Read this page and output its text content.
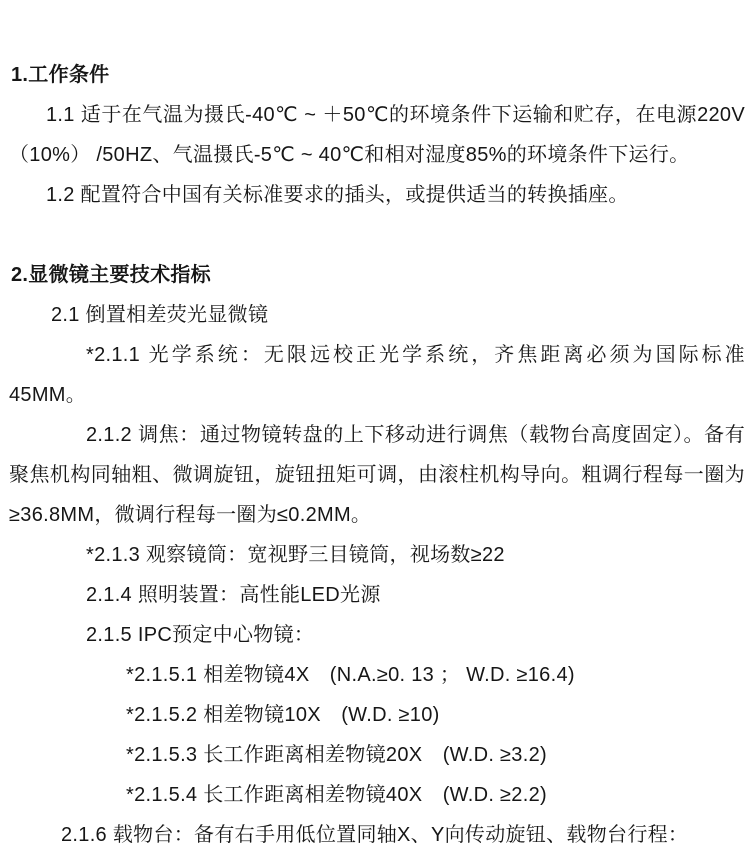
1.工作条件

1.1 适于在气温为摄氏-40℃ ~ ＋50℃的环境条件下运输和贮存，在电源220V（10%） /50HZ、气温摄氏-5℃ ~ 40℃和相对湿度85%的环境条件下运行。

1.2 配置符合中国有关标准要求的插头，或提供适当的转换插座。

2.显微镜主要技术指标

2.1 倒置相差荧光显微镜

*2.1.1 光学系统：无限远校正光学系统，齐焦距离必须为国际标准45MM。

2.1.2 调焦：通过物镜转盘的上下移动进行调焦（载物台高度固定）。备有聚焦机构同轴粗、微调旋钮，旋钮扭矩可调，由滚柱机构导向。粗调行程每一圈为≥36.8MM，微调行程每一圈为≤0.2MM。

*2.1.3 观察镜筒：宽视野三目镜筒，视场数≥22

2.1.4 照明装置：高性能LED光源

2.1.5 IPC预定中心物镜：

*2.1.5.1 相差物镜4X　(N.A.≥0. 13 ； W.D. ≥16.4)

*2.1.5.2 相差物镜10X　(W.D. ≥10)

*2.1.5.3 长工作距离相差物镜20X　(W.D. ≥3.2)

*2.1.5.4 长工作距离相差物镜40X　(W.D. ≥2.2)

2.1.6 载物台：备有右手用低位置同轴X、Y向传动旋钮、载物台行程：
